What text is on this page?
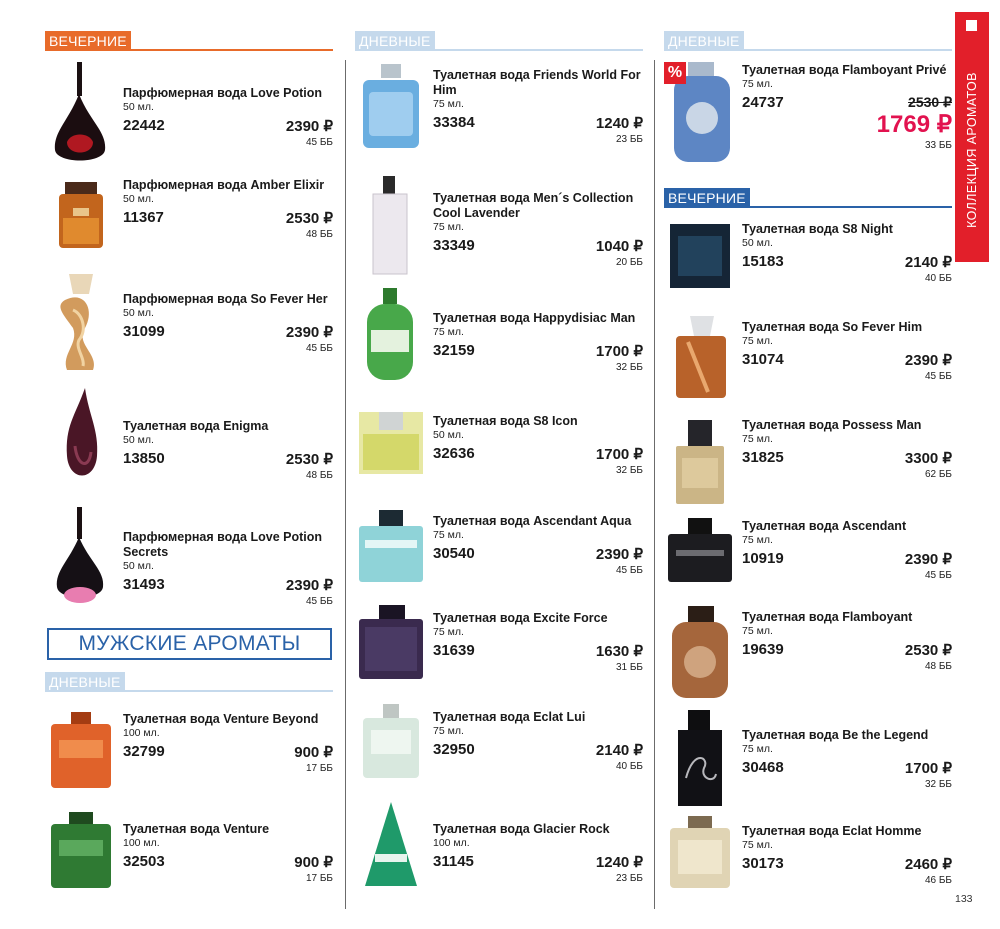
ВЕЧЕРНИЕ
Парфюмерная вода Love Potion
50 мл.
22442	2390 ₽
45 ББ
Парфюмерная вода Amber Elixir
50 мл.
11367	2530 ₽
48 ББ
Парфюмерная вода So Fever Her
50 мл.
31099	2390 ₽
45 ББ
Туалетная вода Enigma
50 мл.
13850	2530 ₽
48 ББ
Парфюмерная вода Love Potion Secrets
50 мл.
31493	2390 ₽
45 ББ
МУЖСКИЕ АРОМАТЫ
ДНЕВНЫЕ
Туалетная вода Venture Beyond
100 мл.
32799	900 ₽
17 ББ
Туалетная вода Venture
100 мл.
32503	900 ₽
17 ББ
ДНЕВНЫЕ
Туалетная вода Friends World For Him
75 мл.
33384	1240 ₽
23 ББ
Туалетная вода Men´s Collection Cool Lavender
75 мл.
33349	1040 ₽
20 ББ
Туалетная вода Happydisiac Man
75 мл.
32159	1700 ₽
32 ББ
Туалетная вода S8 Icon
50 мл.
32636	1700 ₽
32 ББ
Туалетная вода Ascendant Aqua
75 мл.
30540	2390 ₽
45 ББ
Туалетная вода Excite Force
75 мл.
31639	1630 ₽
31 ББ
Туалетная вода Eclat Lui
75 мл.
32950	2140 ₽
40 ББ
Туалетная вода Glacier Rock
100 мл.
31145	1240 ₽
23 ББ
ДНЕВНЫЕ
%	Туалетная вода Flamboyant Privé
75 мл.
24737	2530 ₽
1769 ₽
33 ББ
ВЕЧЕРНИЕ
Туалетная вода S8 Night
50 мл.
15183	2140 ₽
40 ББ
Туалетная вода So Fever Him
75 мл.
31074	2390 ₽
45 ББ
Туалетная вода Possess Man
75 мл.
31825	3300 ₽
62 ББ
Туалетная вода Ascendant
75 мл.
10919	2390 ₽
45 ББ
Туалетная вода Flamboyant
75 мл.
19639	2530 ₽
48 ББ
Туалетная вода Be the Legend
75 мл.
30468	1700 ₽
32 ББ
Туалетная вода Eclat Homme
75 мл.
30173	2460 ₽
46 ББ
КОЛЛЕКЦИЯ АРОМАТОВ
133
